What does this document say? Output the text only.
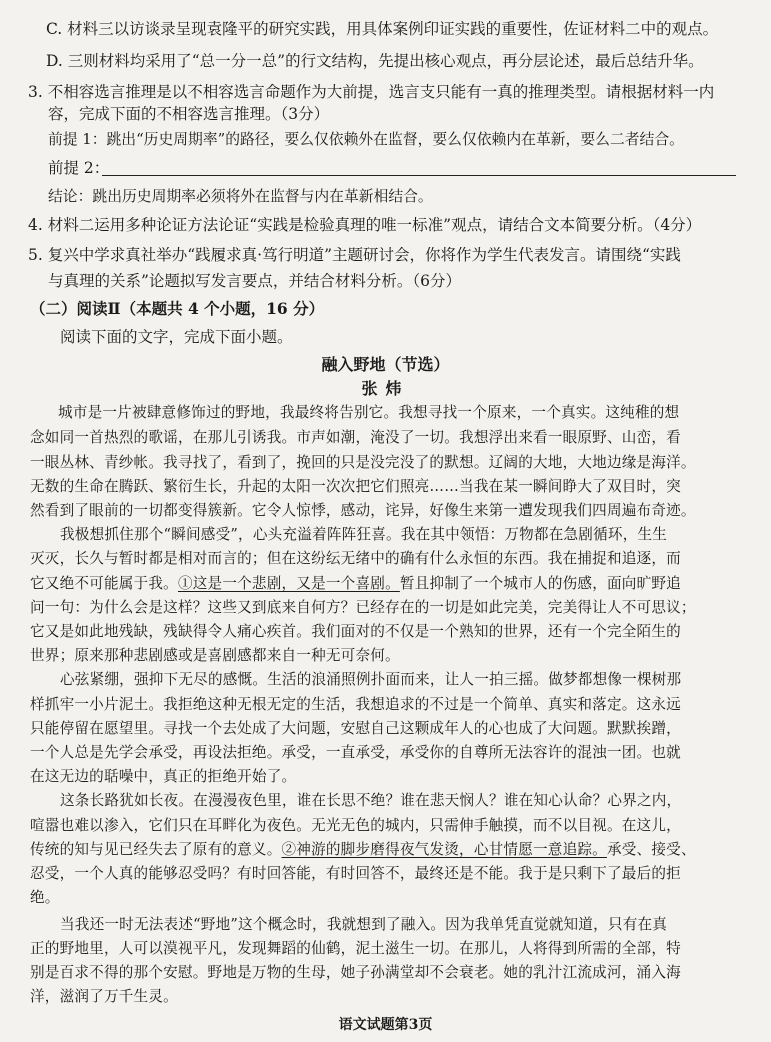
C. 材料三以访谈录呈现袁隆平的研究实践，用具体案例印证实践的重要性，佐证材料二中的观点。
D. 三则材料均采用了“总一分一总”的行文结构，先提出核心观点，再分层论述，最后总结升华。
3. 不相容选言推理是以不相容选言命题作为大前提，选言支只能有一真的推理类型。请根据材料一内
容，完成下面的不相容选言推理。（3分）
前提 1：跳出“历史周期率”的路径，要么仅依赖外在监督，要么仅依赖内在革新，要么二者结合。
前提 2：
结论：跳出历史周期率必须将外在监督与内在革新相结合。
4. 材料二运用多种论证方法论证“实践是检验真理的唯一标准”观点，请结合文本简要分析。（4分）
5. 复兴中学求真社举办“践履求真·笃行明道”主题研讨会，你将作为学生代表发言。请围绕“实践
与真理的关系”论题拟写发言要点，并结合材料分析。（6分）
（二）阅读Ⅱ（本题共 4 个小题，16 分）
阅读下面的文字，完成下面小题。
融入野地（节选）
张炜
城市是一片被肆意修饰过的野地，我最终将告别它。我想寻找一个原来，一个真实。这纯稚的想
念如同一首热烈的歌谣，在那儿引诱我。市声如潮，淹没了一切。我想浮出来看一眼原野、山峦，看
一眼丛林、青纱帐。我寻找了，看到了，挽回的只是没完没了的默想。辽阔的大地，大地边缘是海洋。
无数的生命在腾跃、繁衍生长，升起的太阳一次次把它们照亮……当我在某一瞬间睁大了双目时，突
然看到了眼前的一切都变得簇新。它令人惊悸，感动，诧异，好像生来第一遭发现我们四周遍布奇迹。
我极想抓住那个“瞬间感受”，心头充溢着阵阵狂喜。我在其中领悟：万物都在急剧循环，生生
灭灭，长久与暂时都是相对而言的；但在这纷纭无绪中的确有什么永恒的东西。我在捕捉和追逐，而
它又绝不可能属于我。①这是一个悲剧，又是一个喜剧。暂且抑制了一个城市人的伤感，面向旷野追
问一句：为什么会是这样？这些又到底来自何方？已经存在的一切是如此完美，完美得让人不可思议；
它又是如此地残缺，残缺得令人痛心疾首。我们面对的不仅是一个熟知的世界，还有一个完全陌生的
世界；原来那种悲剧感或是喜剧感都来自一种无可奈何。
心弦紧绷，强抑下无尽的感慨。生活的浪涌照例扑面而来，让人一拍三摇。做梦都想像一棵树那
样抓牢一小片泥土。我拒绝这种无根无定的生活，我想追求的不过是一个简单、真实和落定。这永远
只能停留在愿望里。寻找一个去处成了大问题，安慰自己这颗成年人的心也成了大问题。默默挨蹭，
一个人总是先学会承受，再设法拒绝。承受，一直承受，承受你的自尊所无法容许的混浊一团。也就
在这无边的聒噪中，真正的拒绝开始了。
这条长路犹如长夜。在漫漫夜色里，谁在长思不绝？谁在悲天悯人？谁在知心认命？心界之内，
喧嚣也难以渗入，它们只在耳畔化为夜色。无光无色的城内，只需伸手触摸，而不以目视。在这儿，
传统的知与见已经失去了原有的意义。②神游的脚步磨得夜气发烫，心甘情愿一意追踪。承受、接受、
忍受，一个人真的能够忍受吗？有时回答能，有时回答不，最终还是不能。我于是只剩下了最后的拒
绝。
当我还一时无法表述“野地”这个概念时，我就想到了融入。因为我单凭直觉就知道，只有在真
正的野地里，人可以漠视平凡，发现舞蹈的仙鹤，泥土滋生一切。在那儿，人将得到所需的全部，特
别是百求不得的那个安慰。野地是万物的生母，她子孙满堂却不会衰老。她的乳汁江流成河，涌入海
洋，滋润了万千生灵。
语文试题第3页
